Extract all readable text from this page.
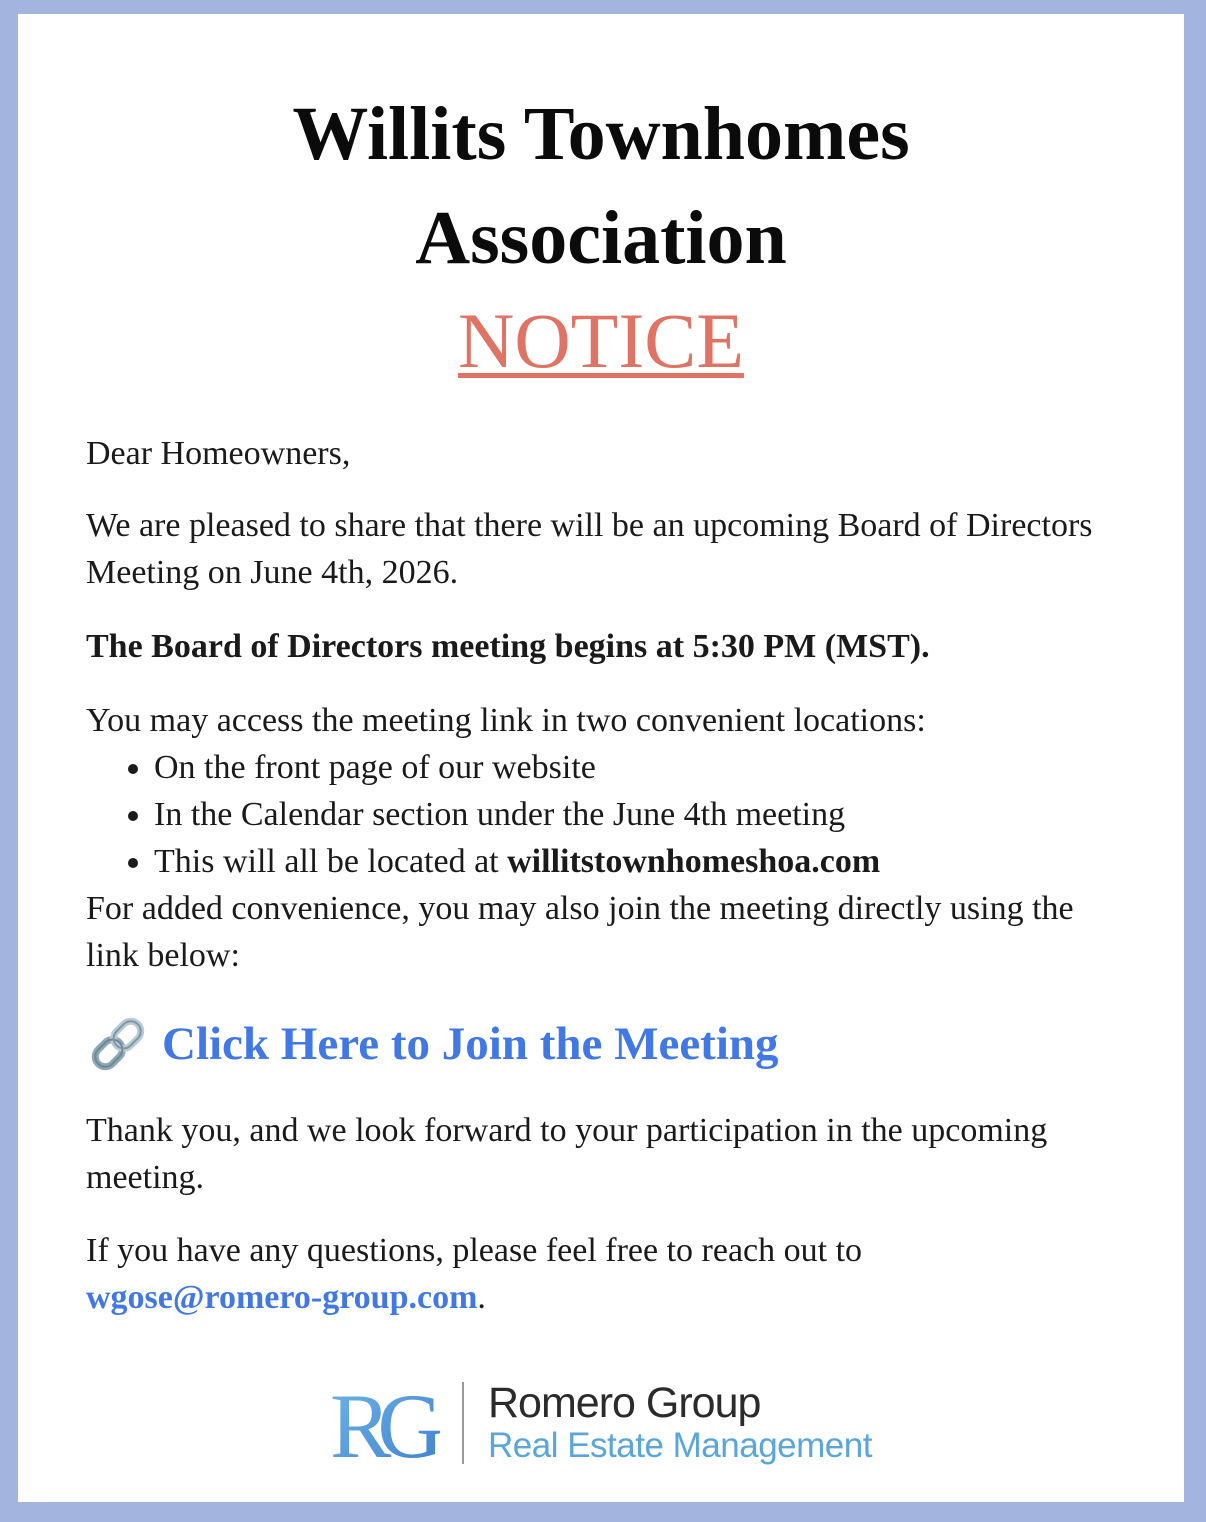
Willits Townhomes
Association
NOTICE

Dear Homeowners,

We are pleased to share that there will be an upcoming Board of Directors Meeting on June 4th, 2026.

The Board of Directors meeting begins at 5:30 PM (MST).

You may access the meeting link in two convenient locations:

• On the front page of our website
• In the Calendar section under the June 4th meeting
• This will all be located at willitstownhomeshoa.com

For added convenience, you may also join the meeting directly using the link below:

Click Here to Join the Meeting

Thank you, and we look forward to your participation in the upcoming meeting.

If you have any questions, please feel free to reach out to
wgose@romero-group.com.

RG Romero Group
Real Estate Management
